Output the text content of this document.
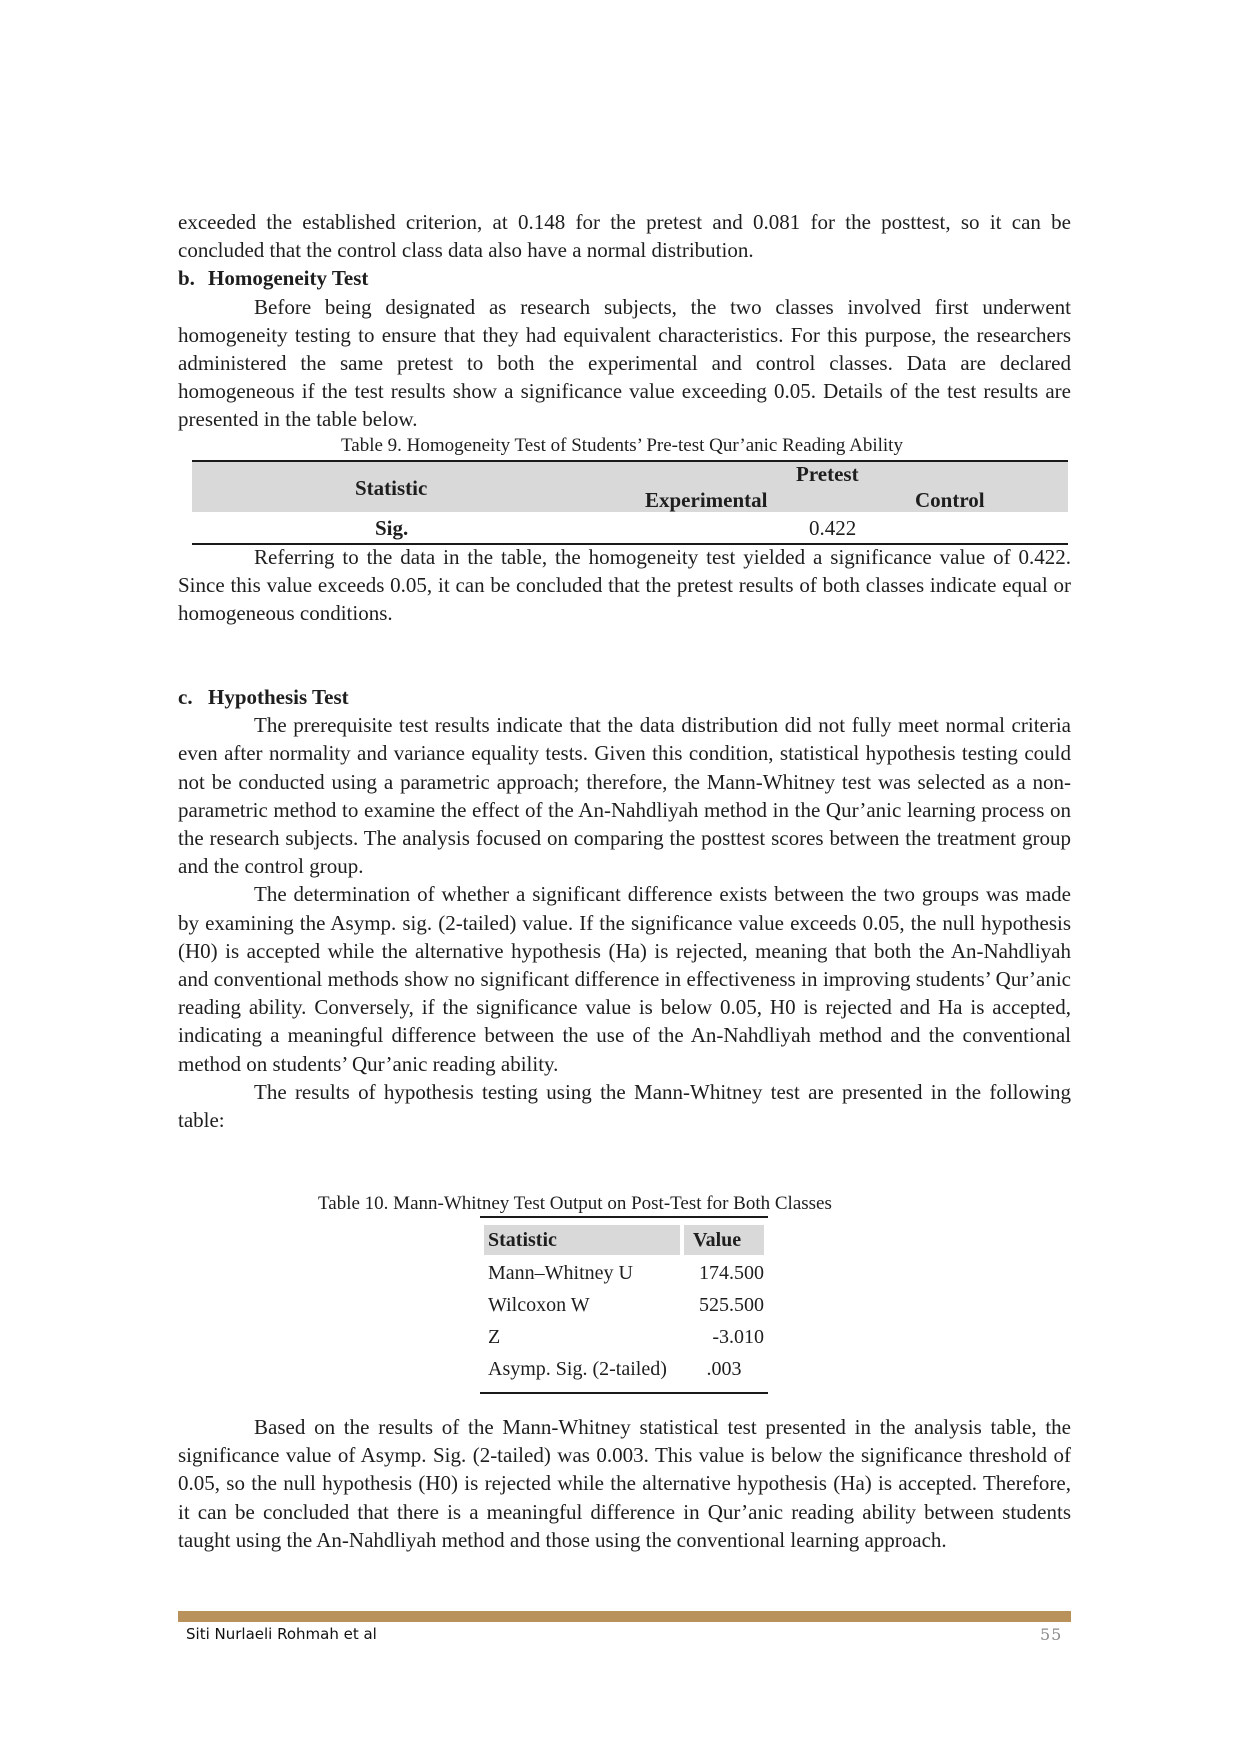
exceeded the established criterion, at 0.148 for the pretest and 0.081 for the posttest, so it can be concluded that the control class data also have a normal distribution.

b. Homogeneity Test

Before being designated as research subjects, the two classes involved first underwent homogeneity testing to ensure that they had equivalent characteristics. For this purpose, the researchers administered the same pretest to both the experimental and control classes. Data are declared homogeneous if the test results show a significance value exceeding 0.05. Details of the test results are presented in the table below.

Table 9. Homogeneity Test of Students’ Pre-test Qur’anic Reading Ability
Statistic
Pretest
Experimental	Control
Sig.	0.422

Referring to the data in the table, the homogeneity test yielded a significance value of 0.422. Since this value exceeds 0.05, it can be concluded that the pretest results of both classes indicate equal or homogeneous conditions.

c. Hypothesis Test

The prerequisite test results indicate that the data distribution did not fully meet normal criteria even after normality and variance equality tests. Given this condition, statistical hypothesis testing could not be conducted using a parametric approach; therefore, the Mann-Whitney test was selected as a non-parametric method to examine the effect of the An-Nahdliyah method in the Qur’anic learning process on the research subjects. The analysis focused on comparing the posttest scores between the treatment group and the control group.

The determination of whether a significant difference exists between the two groups was made by examining the Asymp. sig. (2-tailed) value. If the significance value exceeds 0.05, the null hypothesis (H0) is accepted while the alternative hypothesis (Ha) is rejected, meaning that both the An-Nahdliyah and conventional methods show no significant difference in effectiveness in improving students’ Qur’anic reading ability. Conversely, if the significance value is below 0.05, H0 is rejected and Ha is accepted, indicating a meaningful difference between the use of the An-Nahdliyah method and the conventional method on students’ Qur’anic reading ability.

The results of hypothesis testing using the Mann-Whitney test are presented in the following table:

Table 10. Mann-Whitney Test Output on Post-Test for Both Classes
Statistic	Value
Mann–Whitney U	174.500
Wilcoxon W	525.500
Z	-3.010
Asymp. Sig. (2-tailed)	.003

Based on the results of the Mann-Whitney statistical test presented in the analysis table, the significance value of Asymp. Sig. (2-tailed) was 0.003. This value is below the significance threshold of 0.05, so the null hypothesis (H0) is rejected while the alternative hypothesis (Ha) is accepted. Therefore, it can be concluded that there is a meaningful difference in Qur’anic reading ability between students taught using the An-Nahdliyah method and those using the conventional learning approach.

Siti Nurlaeli Rohmah et al	55
